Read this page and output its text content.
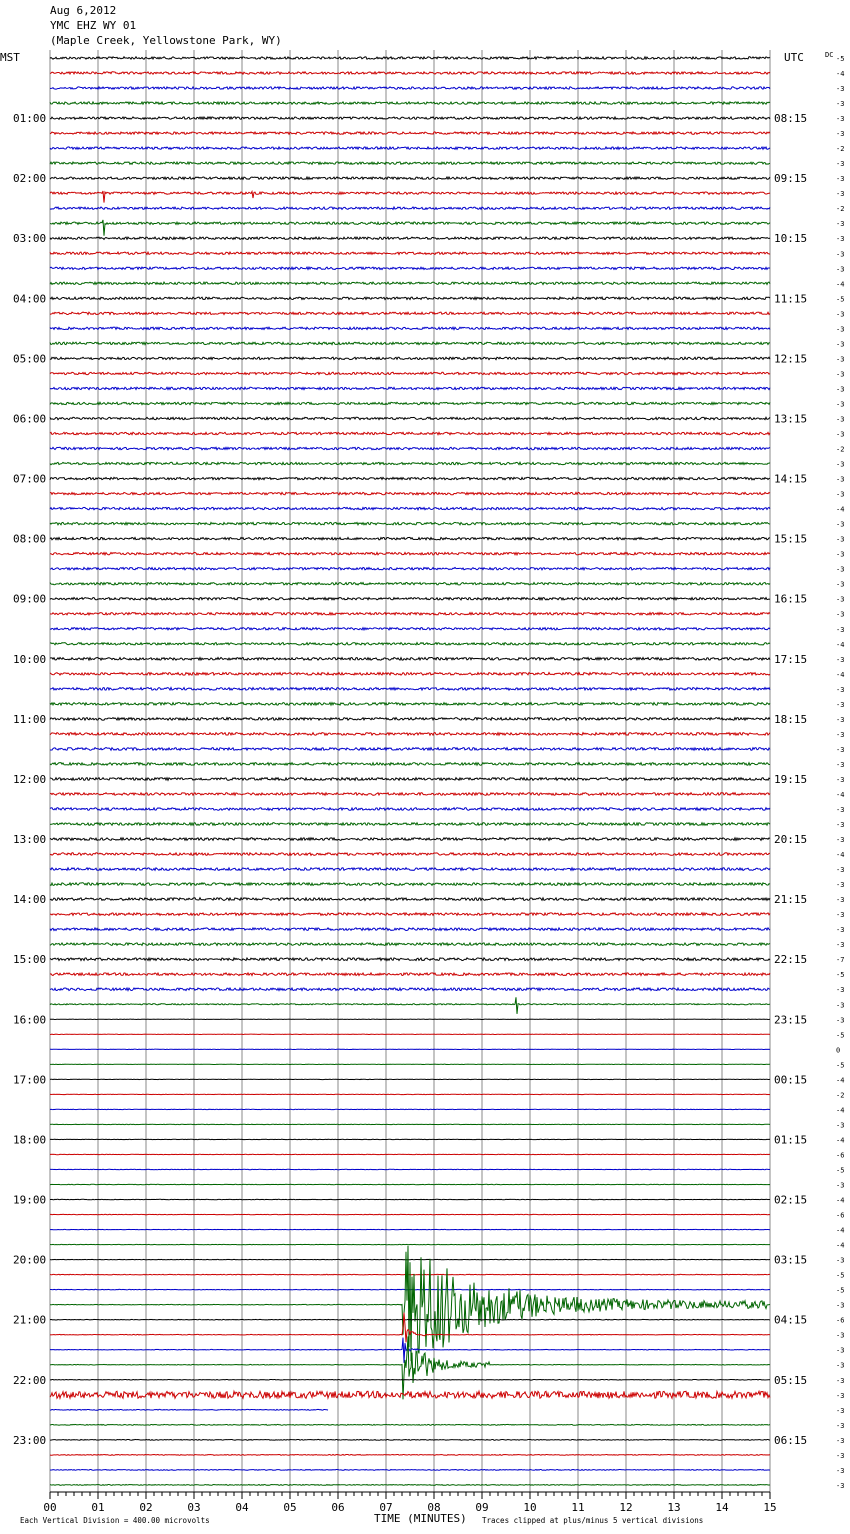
Aug 6,2012
YMC EHZ WY 01
(Maple Creek, Yellowstone Park, WY)
-5
-4
-3
-3
-3
-3
-2
-3
-3
-3
-2
-3
-3
-3
-3
-4
-5
-3
-3
-3
-3
-3
-3
-3
-3
-3
-2
-3
-3
-3
-4
-3
-3
-3
-3
-3
-3
-3
-3
-4
-3
-4
-3
-3
-3
-3
-3
-3
-3
-4
-3
-3
-3
-4
-3
-3
-3
-3
-3
-3
-7
-5
-3
-3
-3
-5
0
-5
-4
-2
-4
-3
-4
-6
-5
-3
-4
-6
-4
-4
-3
-5
-5
-3
-6
-3
-3
-3
-3
-3
-3
-3
-3
-3
-3
-3
01:00
02:00
03:00
04:00
05:00
06:00
07:00
08:00
09:00
10:00
11:00
12:00
13:00
14:00
15:00
16:00
17:00
18:00
19:00
20:00
21:00
22:00
23:00
08:15
09:15
10:15
11:15
12:15
13:15
14:15
15:15
16:15
17:15
18:15
19:15
20:15
21:15
22:15
23:15
00:15
01:15
02:15
03:15
04:15
05:15
06:15
00	01	02	03	04	05	06	07	08	09	10	11	12	13	14	15
MST	UTC	DC
TIME (MINUTES)
Each Vertical Division = 400.00 microvolts	Traces clipped at plus/minus 5 vertical divisions
